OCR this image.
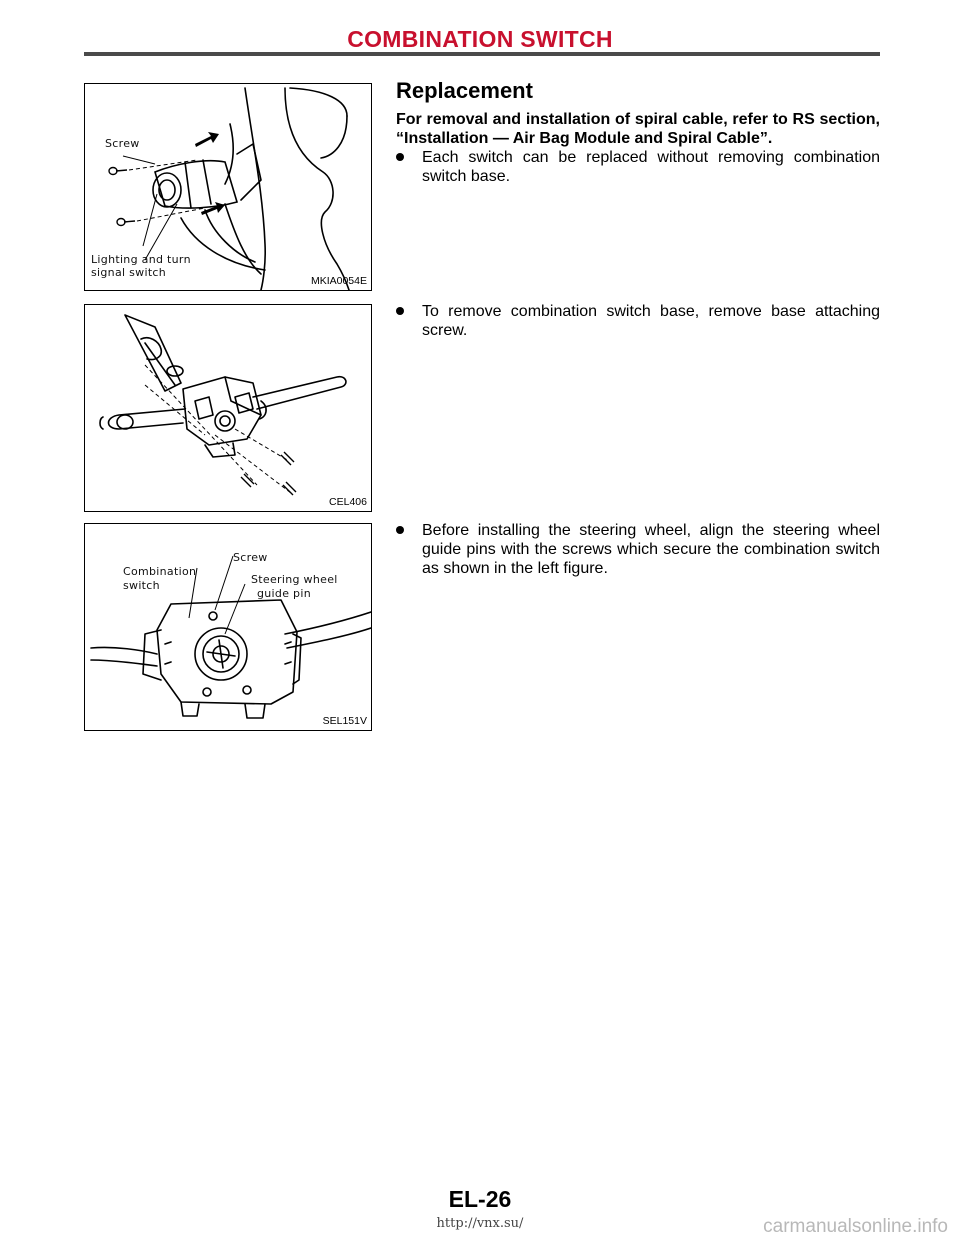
COMBINATION SWITCH
Screw
Lighting and turn
signal switch
MKIA0054E
CEL406
Combination
switch
Screw
Steering wheel
guide pin
SEL151V
Replacement
For removal and installation of spiral cable, refer to RS section, “Installation — Air Bag Module and Spiral Cable”.
Each switch can be replaced without removing combination switch base.
To remove combination switch base, remove base attaching screw.
Before installing the steering wheel, align the steering wheel guide pins with the screws which secure the combination switch as shown in the left figure.
EL-26
http://vnx.su/	carmanualsonline.info
